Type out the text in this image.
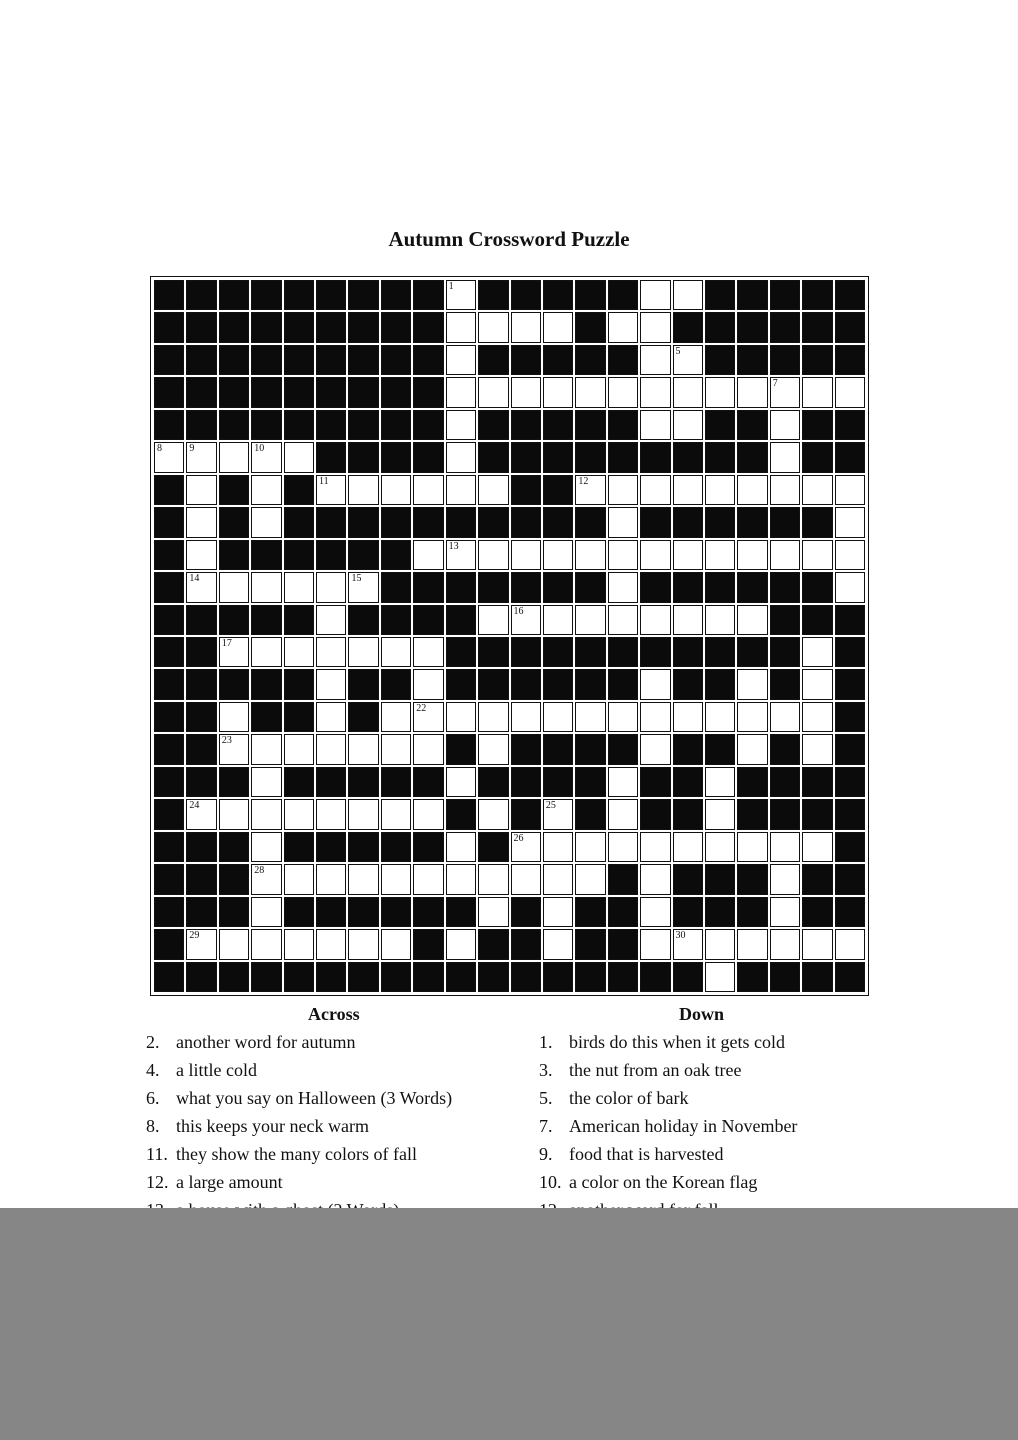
Autumn Crossword Puzzle
1
5
7
8	9	10
11	12
13
14	15
16
17
22
23
24	25
26
28
29	30
Across
2. another word for autumn
4. a little cold
6. what you say on Halloween (3 Words)
8. this keeps your neck warm
11. they show the many colors of fall
12. a large amount
Down
1. birds do this when it gets cold
3. the nut from an oak tree
5. the color of bark
7. American holiday in November
9. food that is harvested
10. a color on the Korean flag
